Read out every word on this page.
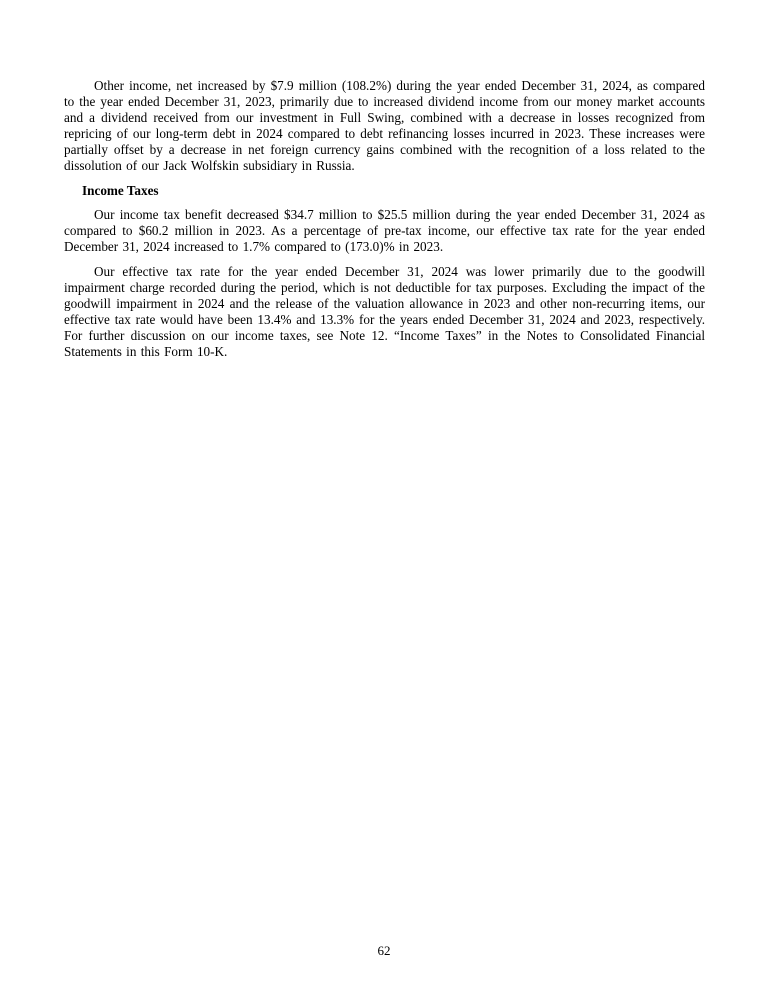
Other income, net increased by $7.9 million (108.2%) during the year ended December 31, 2024, as compared to the year ended December 31, 2023, primarily due to increased dividend income from our money market accounts and a dividend received from our investment in Full Swing, combined with a decrease in losses recognized from repricing of our long-term debt in 2024 compared to debt refinancing losses incurred in 2023. These increases were partially offset by a decrease in net foreign currency gains combined with the recognition of a loss related to the dissolution of our Jack Wolfskin subsidiary in Russia.

Income Taxes

Our income tax benefit decreased $34.7 million to $25.5 million during the year ended December 31, 2024 as compared to $60.2 million in 2023. As a percentage of pre-tax income, our effective tax rate for the year ended December 31, 2024 increased to 1.7% compared to (173.0)% in 2023.

Our effective tax rate for the year ended December 31, 2024 was lower primarily due to the goodwill impairment charge recorded during the period, which is not deductible for tax purposes. Excluding the impact of the goodwill impairment in 2024 and the release of the valuation allowance in 2023 and other non-recurring items, our effective tax rate would have been 13.4% and 13.3% for the years ended December 31, 2024 and 2023, respectively. For further discussion on our income taxes, see Note 12. “Income Taxes” in the Notes to Consolidated Financial Statements in this Form 10-K.

62
